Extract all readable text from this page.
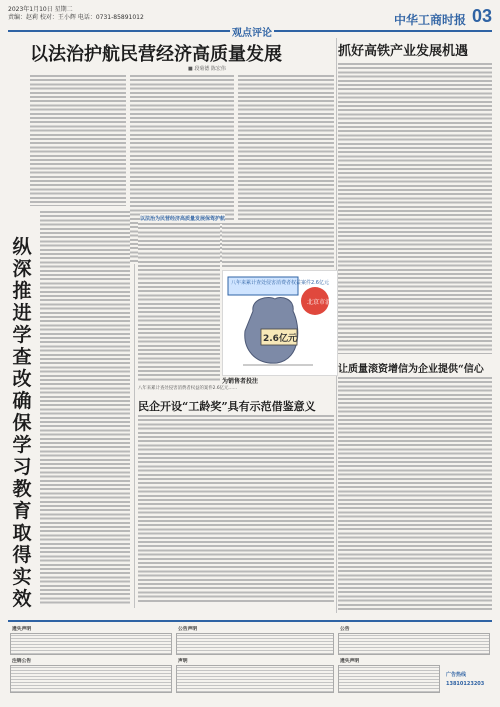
2023年1月10日 星期二
责编：赵莉 校对：王小辉 电话：0731-85891012	中华工商时报 03
观点评论
以法治护航民营经济高质量发展
■ 段菊德 陈宏伟
抓好高铁产业发展机遇
纵深推进学查改 确保学习教育取得实效
以法治为民营经济高质量发展保驾护航
八年来累计查处侵害消费者权益案件2.6亿元
2.6亿元
北京市消协
为销售者投注
八年来累计查处侵害消费者权益的案件2.6亿元……
民企开设“工龄奖”具有示范借鉴意义
让质量滚资增信为企业提供“信心
遗失声明	公告声明	公告
注销公告	声明	遗失声明
广告热线
13810123203
